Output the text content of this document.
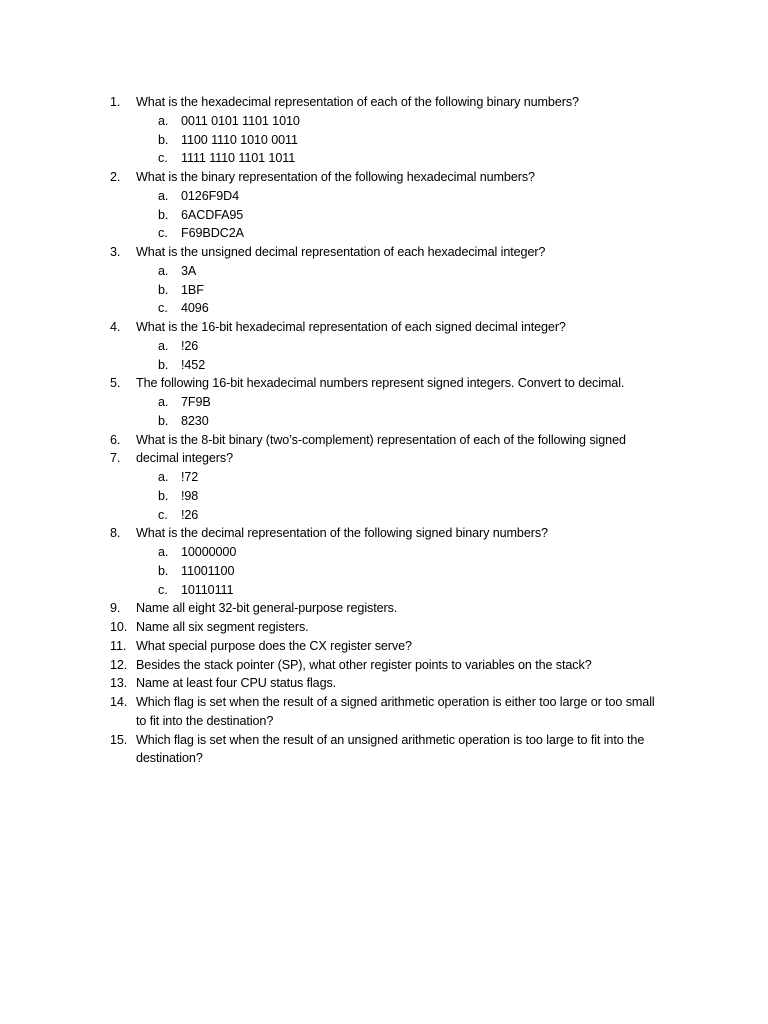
1. What is the hexadecimal representation of each of the following binary numbers?
a. 0011 0101 1101 1010
b. 1100 1110 1010 0011
c. 1111 1110 1101 1011
2. What is the binary representation of the following hexadecimal numbers?
a. 0126F9D4
b. 6ACDFA95
c. F69BDC2A
3. What is the unsigned decimal representation of each hexadecimal integer?
a. 3A
b. 1BF
c. 4096
4. What is the 16-bit hexadecimal representation of each signed decimal integer?
a. !26
b. !452
5. The following 16-bit hexadecimal numbers represent signed integers. Convert to decimal.
a. 7F9B
b. 8230
6. What is the 8-bit binary (two’s-complement) representation of each of the following signed
7. decimal integers?
a. !72
b. !98
c. !26
8. What is the decimal representation of the following signed binary numbers?
a. 10000000
b. 11001100
c. 10110111
9. Name all eight 32-bit general-purpose registers.
10. Name all six segment registers.
11. What special purpose does the CX register serve?
12. Besides the stack pointer (SP), what other register points to variables on the stack?
13. Name at least four CPU status flags.
14. Which flag is set when the result of a signed arithmetic operation is either too large or too small
to fit into the destination?
15. Which flag is set when the result of an unsigned arithmetic operation is too large to fit into the
destination?
